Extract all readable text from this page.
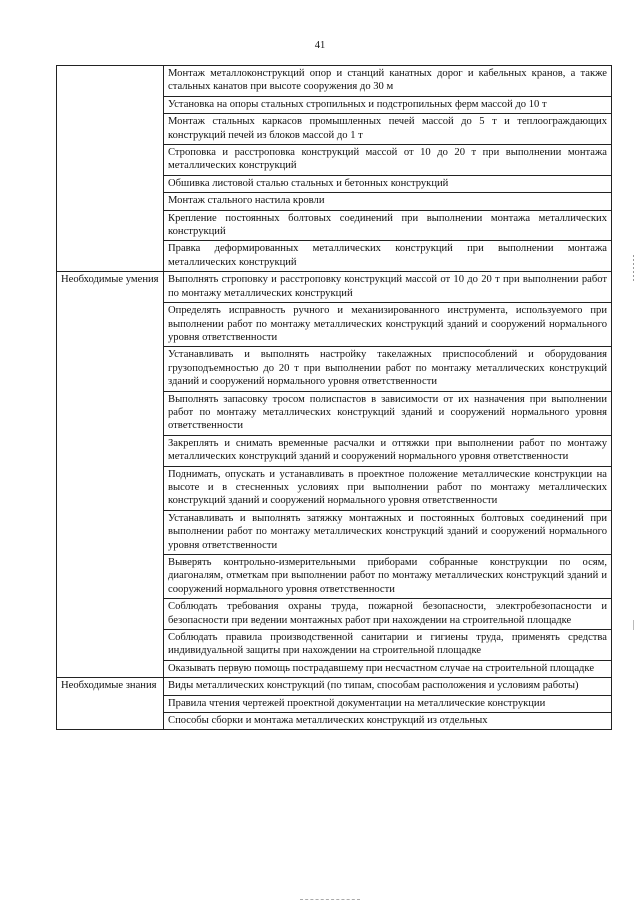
41
	Монтаж металлоконструкций опор и станций канатных дорог и кабельных кранов, а также стальных канатов при высоте сооружения до 30 м
	Установка на опоры стальных стропильных и подстропильных ферм массой до 10 т
	Монтаж стальных каркасов промышленных печей массой до 5 т и теплоограждающих конструкций печей из блоков массой до 1 т
	Строповка и расстроповка конструкций массой от 10 до 20 т при выполнении монтажа металлических конструкций
	Обшивка листовой сталью стальных и бетонных конструкций
	Монтаж стального настила кровли
	Крепление постоянных болтовых соединений при выполнении монтажа металлических конструкций
	Правка деформированных металлических конструкций при выполнении монтажа металлических конструкций
Необходимые умения	Выполнять строповку и расстроповку конструкций массой от 10 до 20 т при выполнении работ по монтажу металлических конструкций
	Определять исправность ручного и механизированного инструмента, используемого при выполнении работ по монтажу металлических конструкций зданий и сооружений нормального уровня ответственности
	Устанавливать и выполнять настройку такелажных приспособлений и оборудования грузоподъемностью до 20 т при выполнении работ по монтажу металлических конструкций зданий и сооружений нормального уровня ответственности
	Выполнять запасовку тросом полиспастов в зависимости от их назначения при выполнении работ по монтажу металлических конструкций зданий и сооружений нормального уровня ответственности
	Закреплять и снимать временные расчалки и оттяжки при выполнении работ по монтажу металлических конструкций зданий и сооружений нормального уровня ответственности
	Поднимать, опускать и устанавливать в проектное положение металлические конструкции на высоте и в стесненных условиях при выполнении работ по монтажу металлических конструкций зданий и сооружений нормального уровня ответственности
	Устанавливать и выполнять затяжку монтажных и постоянных болтовых соединений при выполнении работ по монтажу металлических конструкций зданий и сооружений нормального уровня ответственности
	Выверять контрольно-измерительными приборами собранные конструкции по осям, диагоналям, отметкам при выполнении работ по монтажу металлических конструкций зданий и сооружений нормального уровня ответственности
	Соблюдать требования охраны труда, пожарной безопасности, электробезопасности и безопасности при ведении монтажных работ при нахождении на строительной площадке
	Соблюдать правила производственной санитарии и гигиены труда, применять средства индивидуальной защиты при нахождении на строительной площадке
	Оказывать первую помощь пострадавшему при несчастном случае на строительной площадке
Необходимые знания	Виды металлических конструкций (по типам, способам расположения и условиям работы)
	Правила чтения чертежей проектной документации на металлические конструкции
	Способы сборки и монтажа металлических конструкций из отдельных
